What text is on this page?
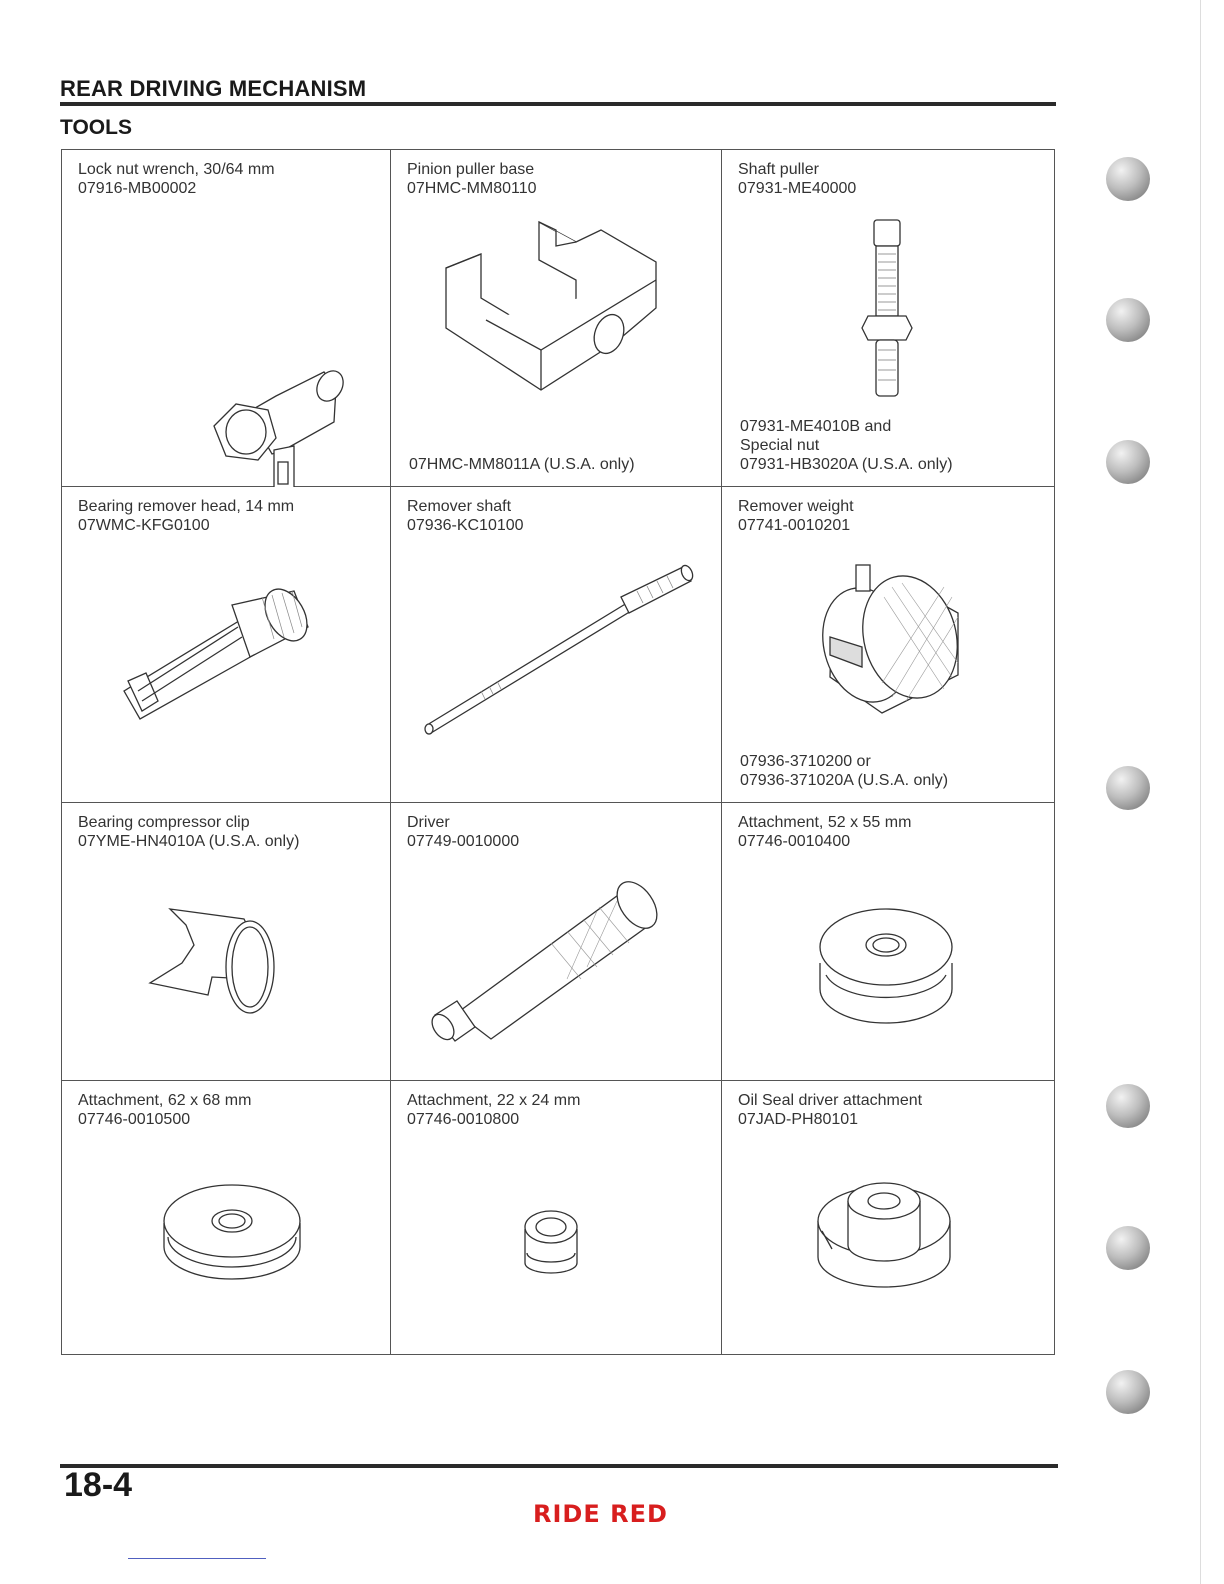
REAR DRIVING MECHANISM
TOOLS
Lock nut wrench, 30/64 mm
07916-MB00002
Pinion puller base
07HMC-MM80110
07HMC-MM8011A (U.S.A. only)
Shaft puller
07931-ME40000
07931-ME4010B and
Special nut
07931-HB3020A (U.S.A. only)
Bearing remover head, 14 mm
07WMC-KFG0100
Remover shaft
07936-KC10100
Remover weight
07741-0010201
07936-3710200 or
07936-371020A (U.S.A. only)
Bearing compressor clip
07YME-HN4010A (U.S.A. only)
Driver
07749-0010000
Attachment, 52 x 55 mm
07746-0010400
Attachment, 62 x 68 mm
07746-0010500
Attachment, 22 x 24 mm
07746-0010800
Oil Seal driver attachment
07JAD-PH80101
18-4
RIDE RED
